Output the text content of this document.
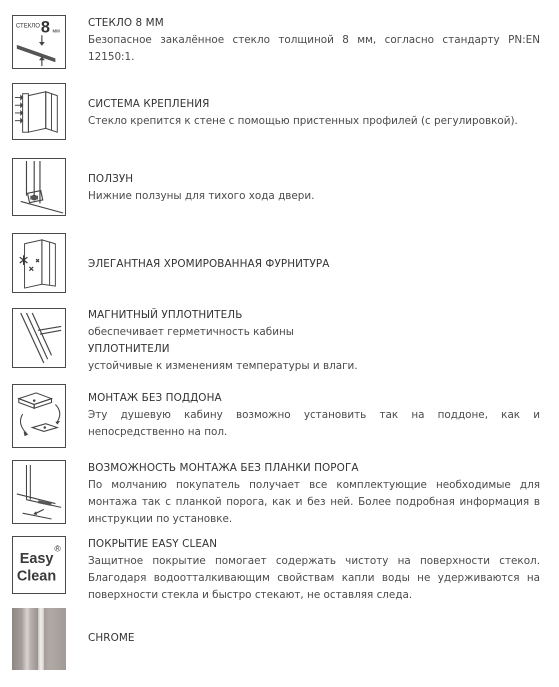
СТЕКЛО 8 мм
СТЕКЛО 8 ММ
Безопасное закалённое стекло толщиной 8 мм, согласно стандарту PN:EN 12150:1.
СИСТЕМА КРЕПЛЕНИЯ
Стекло крепится к стене с помощью пристенных профилей (с регулировкой).
ПОЛЗУН
Нижние ползуны для тихого хода двери.
ЭЛЕГАНТНАЯ ХРОМИРОВАННАЯ ФУРНИТУРА
МАГНИТНЫЙ УПЛОТНИТЕЛЬ
обеспечивает герметичность кабины
УПЛОТНИТЕЛИ
устойчивые к изменениям температуры и влаги.
МОНТАЖ БЕЗ ПОДДОНА
Эту душевую кабину возможно установить так на поддоне, как и непосредственно на пол.
ВОЗМОЖНОСТЬ МОНТАЖА БЕЗ ПЛАНКИ ПОРОГА
По молчанию покупатель получает все комплектующие необходимые для монтажа так с планкой порога, как и без ней. Более подробная информация в инструкции по установке.
Easy
Clean
®	ПОКРЫТИЕ EASY CLEAN
Защитное покрытие помогает содержать чистоту на поверхности стекол. Благодаря водоотталкивающим свойствам капли воды не удерживаются на поверхности стекла и быстро стекают, не оставляя следа.
CHROME
